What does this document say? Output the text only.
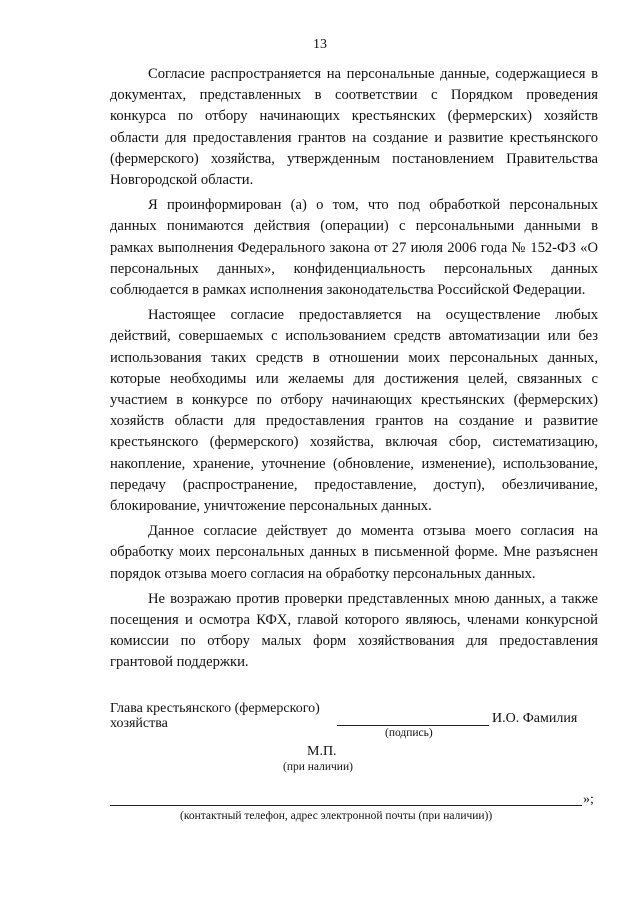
13

Согласие распространяется на персональные данные, содержащиеся в документах, представленных в соответствии с Порядком проведения конкурса по отбору начинающих крестьянских (фермерских) хозяйств области для предоставления грантов на создание и развитие крестьянского (фермерского) хозяйства, утвержденным постановлением Правительства Новгородской области.

Я проинформирован (а) о том, что под обработкой персональных данных понимаются действия (операции) с персональными данными в рамках выполнения Федерального закона от 27 июля 2006 года № 152-ФЗ «О персональных данных», конфиденциальность персональных данных соблюдается в рамках исполнения законодательства Российской Федерации.

Настоящее согласие предоставляется на осуществление любых действий, совершаемых с использованием средств автоматизации или без использования таких средств в отношении моих персональных данных, которые необходимы или желаемы для достижения целей, связанных с участием в конкурсе по отбору начинающих крестьянских (фермерских) хозяйств области для предоставления грантов на создание и развитие крестьянского (фермерского) хозяйства, включая сбор, систематизацию, накопление, хранение, уточнение (обновление, изменение), использование, передачу (распространение, предоставление, доступ), обезличивание, блокирование, уничтожение персональных данных.

Данное согласие действует до момента отзыва моего согласия на обработку моих персональных данных в письменной форме. Мне разъяснен порядок отзыва моего согласия на обработку персональных данных.

Не возражаю против проверки представленных мною данных, а также посещения и осмотра КФХ, главой которого являюсь, членами конкурсной комиссии по отбору малых форм хозяйствования для предоставления грантовой поддержки.

Глава крестьянского (фермерского)
хозяйства	И.О. Фамилия
(подпись)
М.П.
(при наличии)
»;
(контактный телефон, адрес электронной почты (при наличии))
